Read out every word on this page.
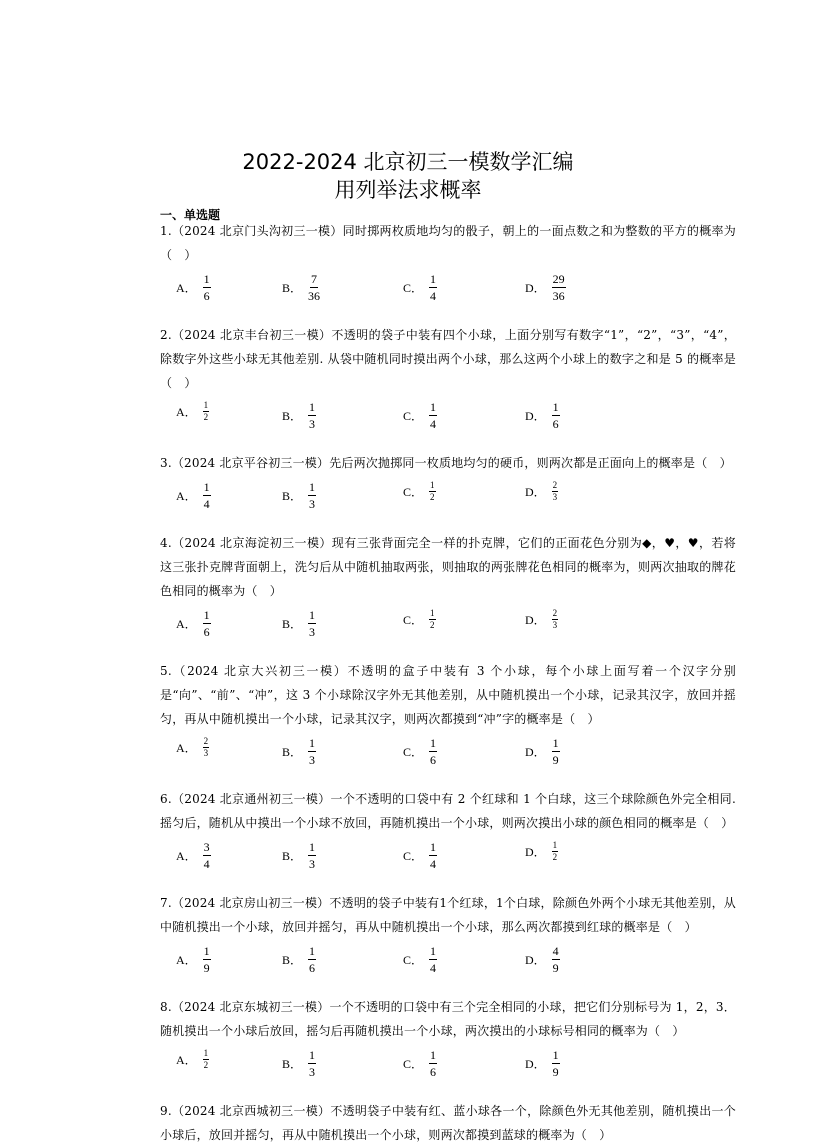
2022-2024 北京初三一模数学汇编
用列举法求概率
一、单选题
1.（2024 北京门头沟初三一模）同时掷两枚质地均匀的骰子，朝上的一面点数之和为整数的平方的概率为（　）
A． $\frac{1}{6}$	B． $\frac{7}{36}$	C． $\frac{1}{4}$	D． $\frac{29}{36}$
2.（2024 北京丰台初三一模）不透明的袋子中装有四个小球，上面分别写有数字“1”，“2”，“3”，“4”，除数字外这些小球无其他差别. 从袋中随机同时摸出两个小球，那么这两个小球上的数字之和是 5 的概率是（　）
A． $\frac{1}{2}$	B． $\frac{1}{3}$	C． $\frac{1}{4}$	D． $\frac{1}{6}$
3.（2024 北京平谷初三一模）先后两次抛掷同一枚质地均匀的硬币，则两次都是正面向上的概率是（　）
A． $\frac{1}{4}$	B． $\frac{1}{3}$	C． $\frac{1}{2}$	D． $\frac{2}{3}$
4.（2024 北京海淀初三一模）现有三张背面完全一样的扑克牌，它们的正面花色分别为◆，♥，♥，若将这三张扑克牌背面朝上，洗匀后从中随机抽取两张，则抽取的两张牌花色相同的概率为，则两次抽取的牌花色相同的概率为（　）
A． $\frac{1}{6}$	B． $\frac{1}{3}$	C． $\frac{1}{2}$	D． $\frac{2}{3}$
5.（2024 北京大兴初三一模）不透明的盒子中装有 3 个小球，每个小球上面写着一个汉字分别是“向”、“前”、“冲”，这 3 个小球除汉字外无其他差别，从中随机摸出一个小球，记录其汉字，放回并摇匀，再从中随机摸出一个小球，记录其汉字，则两次都摸到“冲”字的概率是（　）
A． $\frac{2}{3}$	B． $\frac{1}{3}$	C． $\frac{1}{6}$	D． $\frac{1}{9}$
6.（2024 北京通州初三一模）一个不透明的口袋中有 2 个红球和 1 个白球，这三个球除颜色外完全相同. 摇匀后，随机从中摸出一个小球不放回，再随机摸出一个小球，则两次摸出小球的颜色相同的概率是（　）
A． $\frac{3}{4}$	B． $\frac{1}{3}$	C． $\frac{1}{4}$	D． $\frac{1}{2}$
7.（2024 北京房山初三一模）不透明的袋子中装有1个红球，1个白球，除颜色外两个小球无其他差别，从中随机摸出一个小球，放回并摇匀，再从中随机摸出一个小球，那么两次都摸到红球的概率是（　）
A． $\frac{1}{9}$	B． $\frac{1}{6}$	C． $\frac{1}{4}$	D． $\frac{4}{9}$
8.（2024 北京东城初三一模）一个不透明的口袋中有三个完全相同的小球，把它们分别标号为 1，2，3．随机摸出一个小球后放回，摇匀后再随机摸出一个小球，两次摸出的小球标号相同的概率为（　）
A． $\frac{1}{2}$	B． $\frac{1}{3}$	C． $\frac{1}{6}$	D． $\frac{1}{9}$
9.（2024 北京西城初三一模）不透明袋子中装有红、蓝小球各一个，除颜色外无其他差别，随机摸出一个小球后，放回并摇匀，再从中随机摸出一个小球，则两次都摸到蓝球的概率为（　）
